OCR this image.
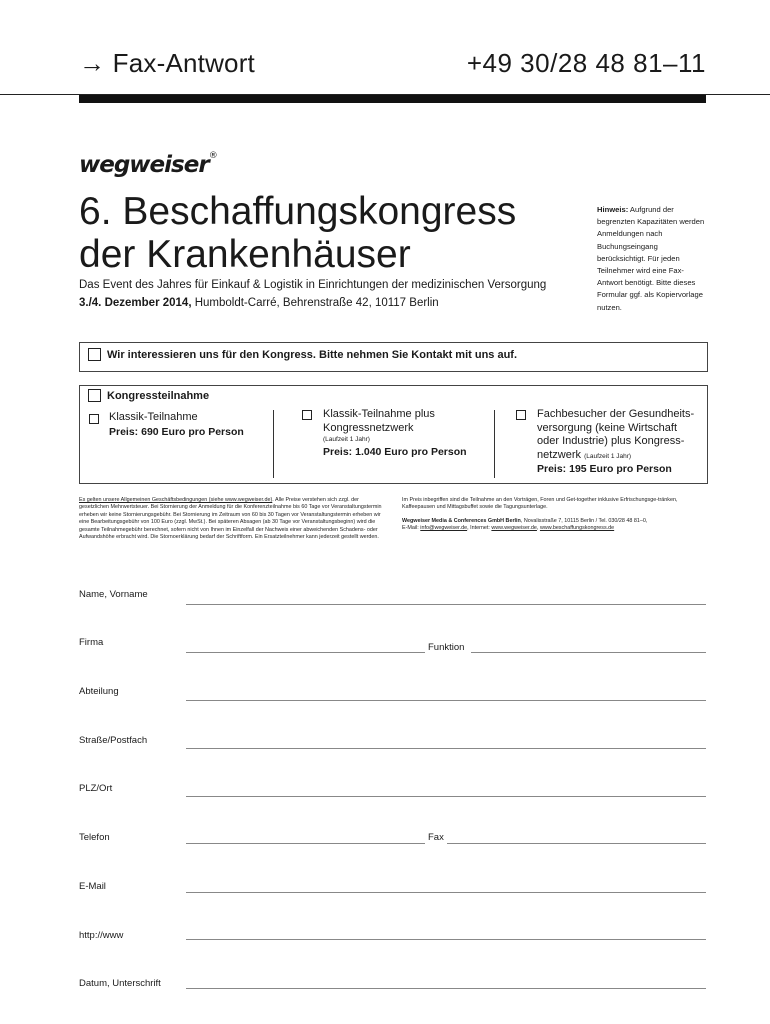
→ Fax-Antwort	+49 30/28 48 81–11
wegweiser®
6. Beschaffungskongress
der Krankenhäuser
Das Event des Jahres für Einkauf & Logistik in Einrichtungen der medizinischen Versorgung
3./4. Dezember 2014, Humboldt-Carré, Behrenstraße 42, 10117 Berlin
Hinweis: Aufgrund der begrenzten Kapazitäten werden Anmeldungen nach Buchungseingang berücksichtigt. Für jeden Teilnehmer wird eine Fax-Antwort benötigt. Bitte dieses Formular ggf. als Kopiervorlage nutzen.
Wir interessieren uns für den Kongress. Bitte nehmen Sie Kontakt mit uns auf.
Kongressteilnahme
Klassik-Teilnahme
Preis: 690 Euro pro Person
Klassik-Teilnahme plus Kongressnetzwerk
(Laufzeit 1 Jahr)
Preis: 1.040 Euro pro Person
Fachbesucher der Gesundheits-versorgung (keine Wirtschaft oder Industrie) plus Kongress-netzwerk (Laufzeit 1 Jahr)
Preis: 195 Euro pro Person
Es gelten unsere Allgemeinen Geschäftsbedingungen (siehe www.wegweiser.de). Alle Preise verstehen sich zzgl. der gesetzlichen Mehrwertsteuer. Bei Stornierung der Anmeldung für die Konferenzteilnahme bis 60 Tage vor Veranstaltungstermin erheben wir keine Stornierungsgebühr. Bei Stornierung im Zeitraum von 60 bis 30 Tagen vor Veranstaltungstermin erheben wir eine Bearbeitungsgebühr von 100 Euro (zzgl. MwSt.). Bei späteren Absagen (ab 30 Tage vor Veranstaltungsbeginn) wird die gesamte Teilnahmegebühr berechnet, sofern nicht von Ihnen im Einzelfall der Nachweis einer abweichenden Schadens- oder Aufwandshöhe erbracht wird. Die Stornoerklärung bedarf der Schriftform. Ein Ersatzteilnehmer kann jederzeit gestellt werden.
Im Preis inbegriffen sind die Teilnahme an den Vorträgen, Foren und Get-together inklusive Erfrischungsge-tränken, Kaffeepausen und Mittagsbuffet sowie die Tagungsunterlage.
Wegweiser Media & Conferences GmbH Berlin, Novalisstraße 7, 10115 Berlin / Tel. 030/28 48 81–0,
E-Mail: info@wegweiser.de, Internet: www.wegweiser.de, www.beschaffungskongress.de
Name, Vorname
Firma	Funktion
Abteilung
Straße/Postfach
PLZ/Ort
Telefon	Fax
E-Mail
http://www
Datum, Unterschrift
